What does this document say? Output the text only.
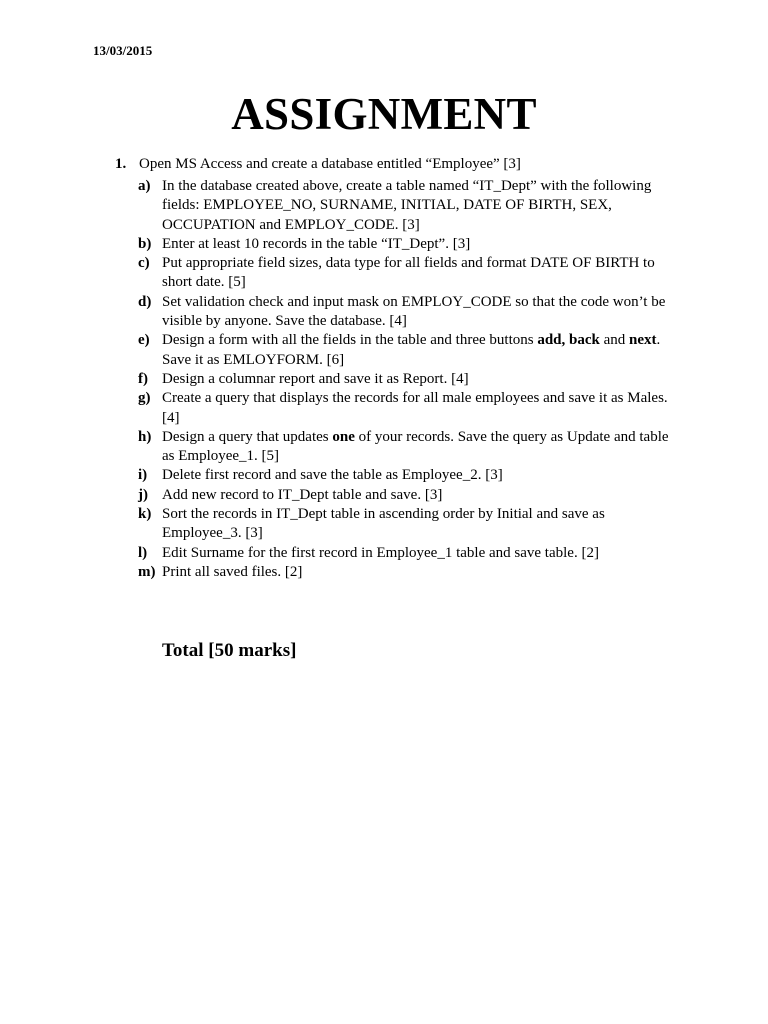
13/03/2015
ASSIGNMENT
1. Open MS Access and create a database entitled “Employee” [3]
a) In the database created above, create a table named “IT_Dept” with the following fields: EMPLOYEE_NO, SURNAME, INITIAL, DATE OF BIRTH, SEX, OCCUPATION and EMPLOY_CODE. [3]
b) Enter at least 10 records in the table “IT_Dept”. [3]
c) Put appropriate field sizes, data type for all fields and format DATE OF BIRTH to short date. [5]
d) Set validation check and input mask on EMPLOY_CODE so that the code won’t be visible by anyone. Save the database. [4]
e) Design a form with all the fields in the table and three buttons add, back and next. Save it as EMLOYFORM. [6]
f) Design a columnar report and save it as Report. [4]
g) Create a query that displays the records for all male employees and save it as Males. [4]
h) Design a query that updates one of your records. Save the query as Update and table as Employee_1. [5]
i) Delete first record and save the table as Employee_2. [3]
j) Add new record to IT_Dept table and save. [3]
k) Sort the records in IT_Dept table in ascending order by Initial and save as Employee_3. [3]
l) Edit Surname for the first record in Employee_1 table and save table. [2]
m) Print all saved files. [2]
Total [50 marks]
